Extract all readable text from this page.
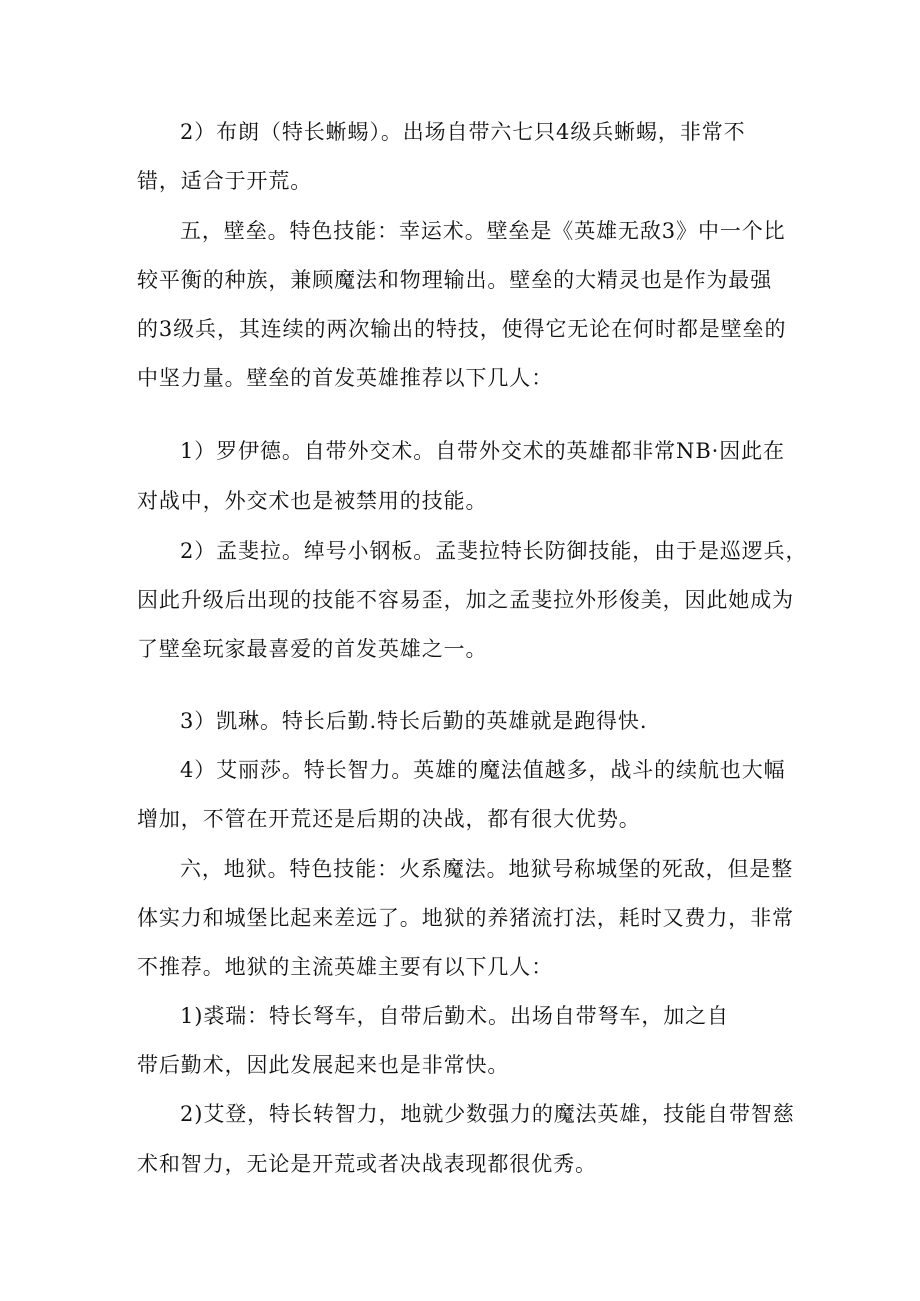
2）布朗（特长蜥蜴）。出场自带六七只4级兵蜥蜴，非常不
错，适合于开荒。
五，壁垒。特色技能：幸运术。壁垒是《英雄无敌3》中一个比
较平衡的种族，兼顾魔法和物理输出。壁垒的大精灵也是作为最强
的3级兵，其连续的两次输出的特技，使得它无论在何时都是壁垒的
中坚力量。壁垒的首发英雄推荐以下几人：
1）罗伊德。自带外交术。自带外交术的英雄都非常NB·因此在
对战中，外交术也是被禁用的技能。
2）孟斐拉。绰号小钢板。孟斐拉特长防御技能，由于是巡逻兵，
因此升级后出现的技能不容易歪，加之孟斐拉外形俊美，因此她成为
了壁垒玩家最喜爱的首发英雄之一。
3）凯琳。特长后勤.特长后勤的英雄就是跑得快.
4）艾丽莎。特长智力。英雄的魔法值越多，战斗的续航也大幅
增加，不管在开荒还是后期的决战，都有很大优势。
六，地狱。特色技能：火系魔法。地狱号称城堡的死敌，但是整
体实力和城堡比起来差远了。地狱的养猪流打法，耗时又费力，非常
不推荐。地狱的主流英雄主要有以下几人：
1)裘瑞：特长弩车，自带后勤术。出场自带弩车，加之自
带后勤术，因此发展起来也是非常快。
2)艾登，特长转智力，地就少数强力的魔法英雄，技能自带智慈
术和智力，无论是开荒或者决战表现都很优秀。
